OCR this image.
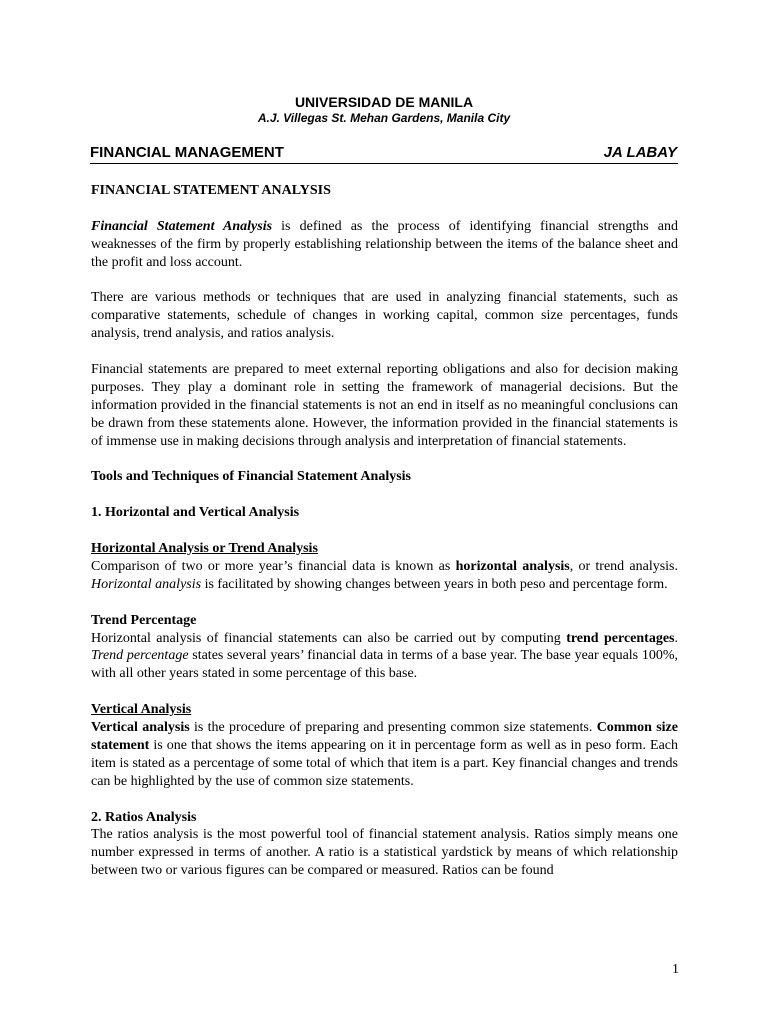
UNIVERSIDAD DE MANILA
A.J. Villegas St. Mehan Gardens, Manila City
FINANCIAL MANAGEMENT	JA LABAY

FINANCIAL STATEMENT ANALYSIS

Financial Statement Analysis is defined as the process of identifying financial strengths and weaknesses of the firm by properly establishing relationship between the items of the balance sheet and the profit and loss account.

There are various methods or techniques that are used in analyzing financial statements, such as comparative statements, schedule of changes in working capital, common size percentages, funds analysis, trend analysis, and ratios analysis.

Financial statements are prepared to meet external reporting obligations and also for decision making purposes. They play a dominant role in setting the framework of managerial decisions. But the information provided in the financial statements is not an end in itself as no meaningful conclusions can be drawn from these statements alone. However, the information provided in the financial statements is of immense use in making decisions through analysis and interpretation of financial statements.

Tools and Techniques of Financial Statement Analysis

1. Horizontal and Vertical Analysis

Horizontal Analysis or Trend Analysis

Comparison of two or more year’s financial data is known as horizontal analysis, or trend analysis. Horizontal analysis is facilitated by showing changes between years in both peso and percentage form.

Trend Percentage

Horizontal analysis of financial statements can also be carried out by computing trend percentages. Trend percentage states several years’ financial data in terms of a base year. The base year equals 100%, with all other years stated in some percentage of this base.

Vertical Analysis

Vertical analysis is the procedure of preparing and presenting common size statements. Common size statement is one that shows the items appearing on it in percentage form as well as in peso form. Each item is stated as a percentage of some total of which that item is a part. Key financial changes and trends can be highlighted by the use of common size statements.

2. Ratios Analysis

The ratios analysis is the most powerful tool of financial statement analysis. Ratios simply means one number expressed in terms of another. A ratio is a statistical yardstick by means of which relationship between two or various figures can be compared or measured. Ratios can be found

1
